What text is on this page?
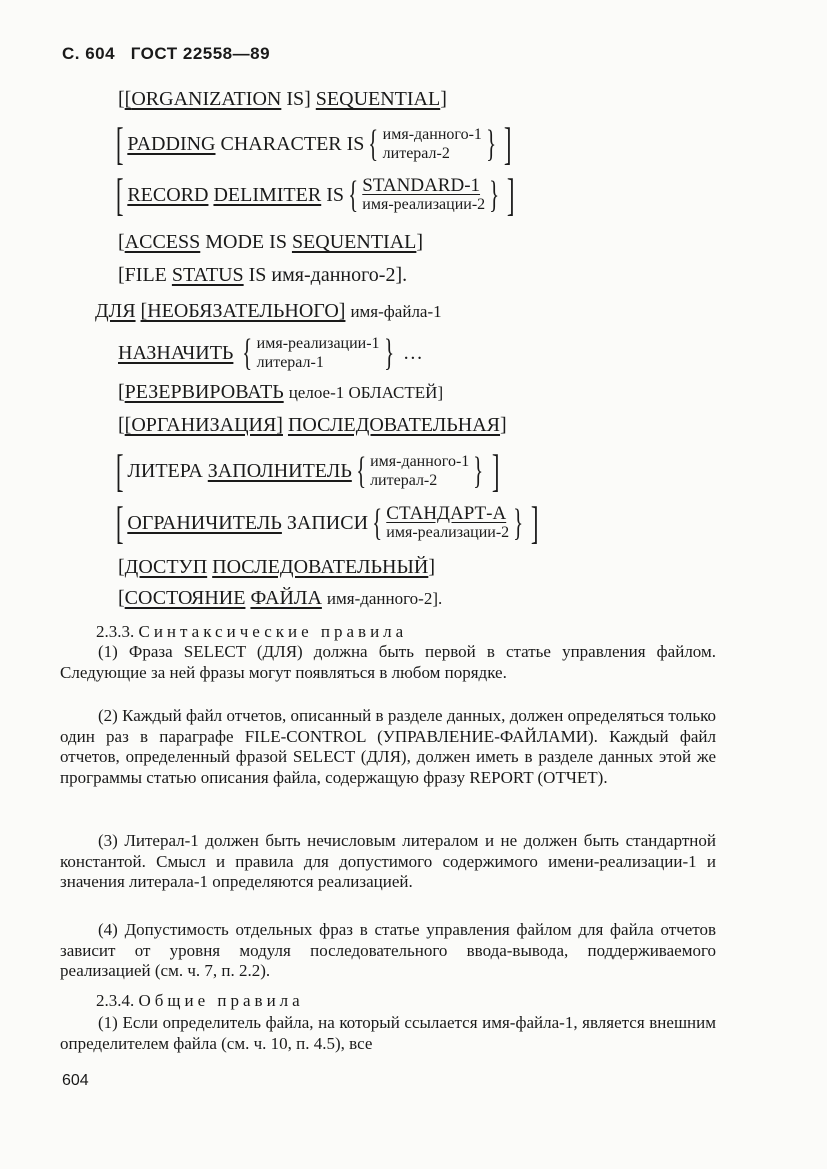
С. 604 ГОСТ 22558—89
[[ORGANIZATION IS] SEQUENTIAL]
[ PADDING
CHARACTER IS { имя-данного-1
литерал-2 } ]
[ RECORD
DELIMITER
IS { STANDARD-1
имя-реализации-2 } ]
[ACCESS MODE IS SEQUENTIAL]
[FILE STATUS IS имя-данного-2].
ДЛЯ [НЕОБЯЗАТЕЛЬНОГО] имя-файла-1
НАЗНАЧИТЬ
{ имя-реализации-1
литерал-1	}
…
[РЕЗЕРВИРОВАТЬ целое-1 ОБЛАСТЕЙ]
[[ОРГАНИЗАЦИЯ] ПОСЛЕДОВАТЕЛЬНАЯ]
[ ЛИТЕРА
ЗАПОЛНИТЕЛЬ { имя-данного-1
литерал-2 } ]
[ ОГРАНИЧИТЕЛЬ
ЗАПИСИ { СТАНДАРТ-А
имя-реализации-2 } ]
[ДОСТУП ПОСЛЕДОВАТЕЛЬНЫЙ]
[СОСТОЯНИЕ ФАЙЛА имя-данного-2].
2.3.3. Синтаксические правила
(1) Фраза SELECT (ДЛЯ) должна быть первой в статье управления файлом. Следующие за ней фразы могут появляться в любом порядке.
(2) Каждый файл отчетов, описанный в разделе данных, должен определяться только один раз в параграфе FILE-CONTROL (УПРАВЛЕНИЕ-ФАЙЛАМИ). Каждый файл отчетов, определенный фразой SELECT (ДЛЯ), должен иметь в разделе данных этой же программы статью описания файла, содержащую фразу REPORT (ОТЧЕТ).
(3) Литерал-1 должен быть нечисловым литералом и не должен быть стандартной константой. Смысл и правила для допустимого содержимого имени-реализации-1 и значения литерала-1 определяются реализацией.
(4) Допустимость отдельных фраз в статье управления файлом для файла отчетов зависит от уровня модуля последовательного ввода-вывода, поддерживаемого реализацией (см. ч. 7, п. 2.2).
2.3.4. Общие правила
(1) Если определитель файла, на который ссылается имя-файла-1, является внешним определителем файла (см. ч. 10, п. 4.5), все
604
